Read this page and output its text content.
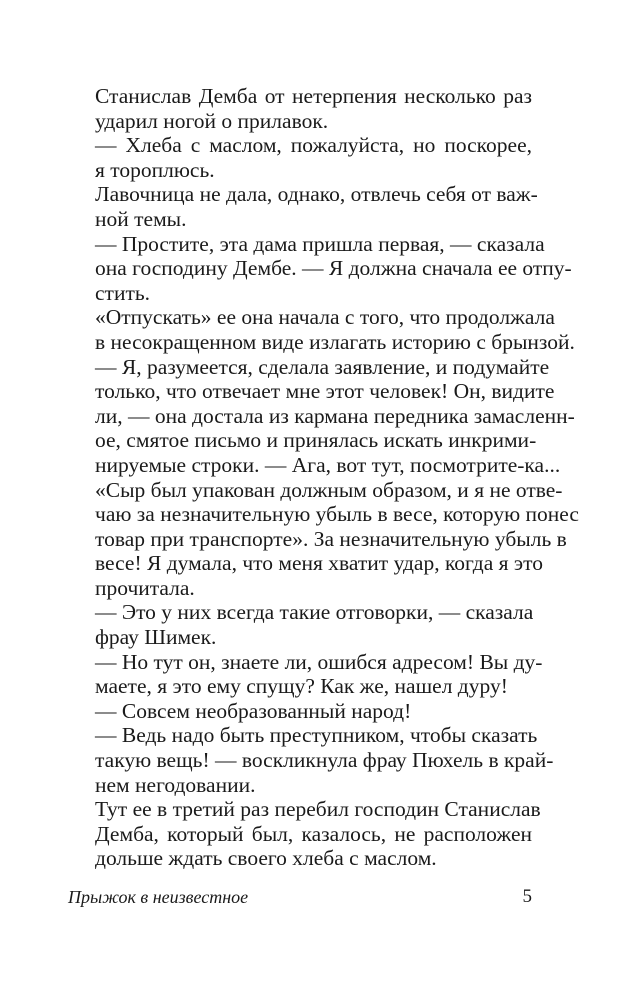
Станислав Демба от нетерпения несколько раз
ударил ногой о прилавок.
— Хлеба с маслом, пожалуйста, но поскорее,
я тороплюсь.
Лавочница не дала, однако, отвлечь себя от важ-
ной темы.
— Простите, эта дама пришла первая, — сказала
она господину Дембе. — Я должна сначала ее отпу-
стить.
«Отпускать» ее она начала с того, что продолжала
в несокращенном виде излагать историю с брынзой.
— Я, разумеется, сделала заявление, и подумайте
только, что отвечает мне этот человек! Он, видите
ли, — она достала из кармана передника замасленн-
ое, смятое письмо и принялась искать инкрими-
нируемые строки. — Ага, вот тут, посмотрите-ка...
«Сыр был упакован должным образом, и я не отве-
чаю за незначительную убыль в весе, которую понес
товар при транспорте». За незначительную убыль в
весе! Я думала, что меня хватит удар, когда я это
прочитала.
— Это у них всегда такие отговорки, — сказала
фрау Шимек.
— Но тут он, знаете ли, ошибся адресом! Вы ду-
маете, я это ему спущу? Как же, нашел дуру!
— Совсем необразованный народ!
— Ведь надо быть преступником, чтобы сказать
такую вещь! — воскликнула фрау Пюхель в край-
нем негодовании.
Тут ее в третий раз перебил господин Станислав
Демба, который был, казалось, не расположен
дольше ждать своего хлеба с маслом.
Прыжок в неизвестное	5
